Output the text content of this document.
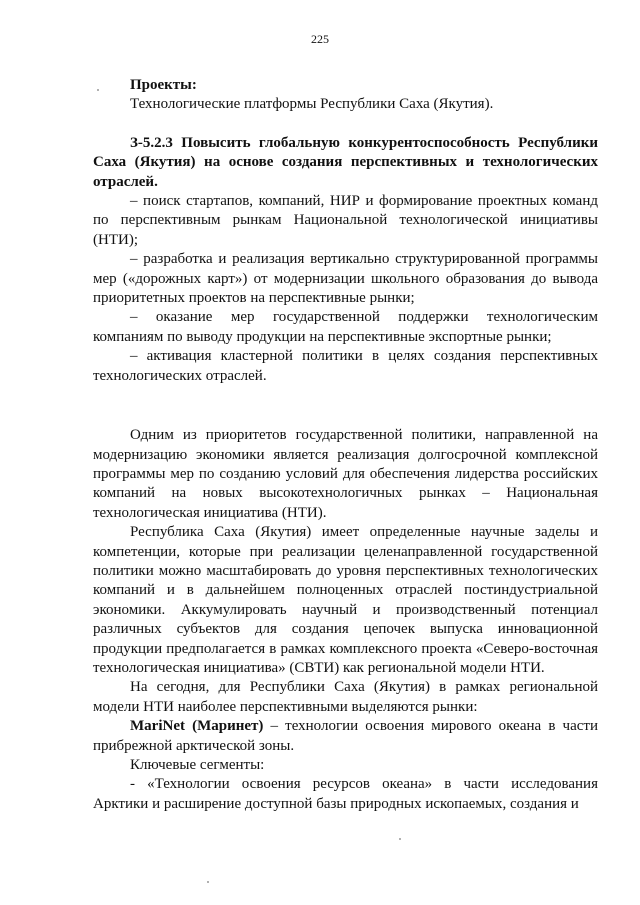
225

Проекты:

Технологические платформы Республики Саха (Якутия).

З-5.2.3 Повысить глобальную конкурентоспособность Республики Саха (Якутия) на основе создания перспективных и технологических отраслей.

– поиск стартапов, компаний, НИР и формирование проектных команд по перспективным рынкам Национальной технологической инициативы (НТИ);

– разработка и реализация вертикально структурированной программы мер («дорожных карт») от модернизации школьного образования до вывода приоритетных проектов на перспективные рынки;

– оказание мер государственной поддержки технологическим компаниям по выводу продукции на перспективные экспортные рынки;

– активация кластерной политики в целях создания перспективных технологических отраслей.

Одним из приоритетов государственной политики, направленной на модернизацию экономики является реализация долгосрочной комплексной программы мер по созданию условий для обеспечения лидерства российских компаний на новых высокотехнологичных рынках – Национальная технологическая инициатива (НТИ).

Республика Саха (Якутия) имеет определенные научные заделы и компетенции, которые при реализации целенаправленной государственной политики можно масштабировать до уровня перспективных технологических компаний и в дальнейшем полноценных отраслей постиндустриальной экономики. Аккумулировать научный и производственный потенциал различных субъектов для создания цепочек выпуска инновационной продукции предполагается в рамках комплексного проекта «Северо-восточная технологическая инициатива» (СВТИ) как региональной модели НТИ.

На сегодня, для Республики Саха (Якутия) в рамках региональной модели НТИ наиболее перспективными выделяются рынки:

MariNet (Маринет) – технологии освоения мирового океана в части прибрежной арктической зоны.

Ключевые сегменты:

- «Технологии освоения ресурсов океана» в части исследования Арктики и расширение доступной базы природных ископаемых, создания и
